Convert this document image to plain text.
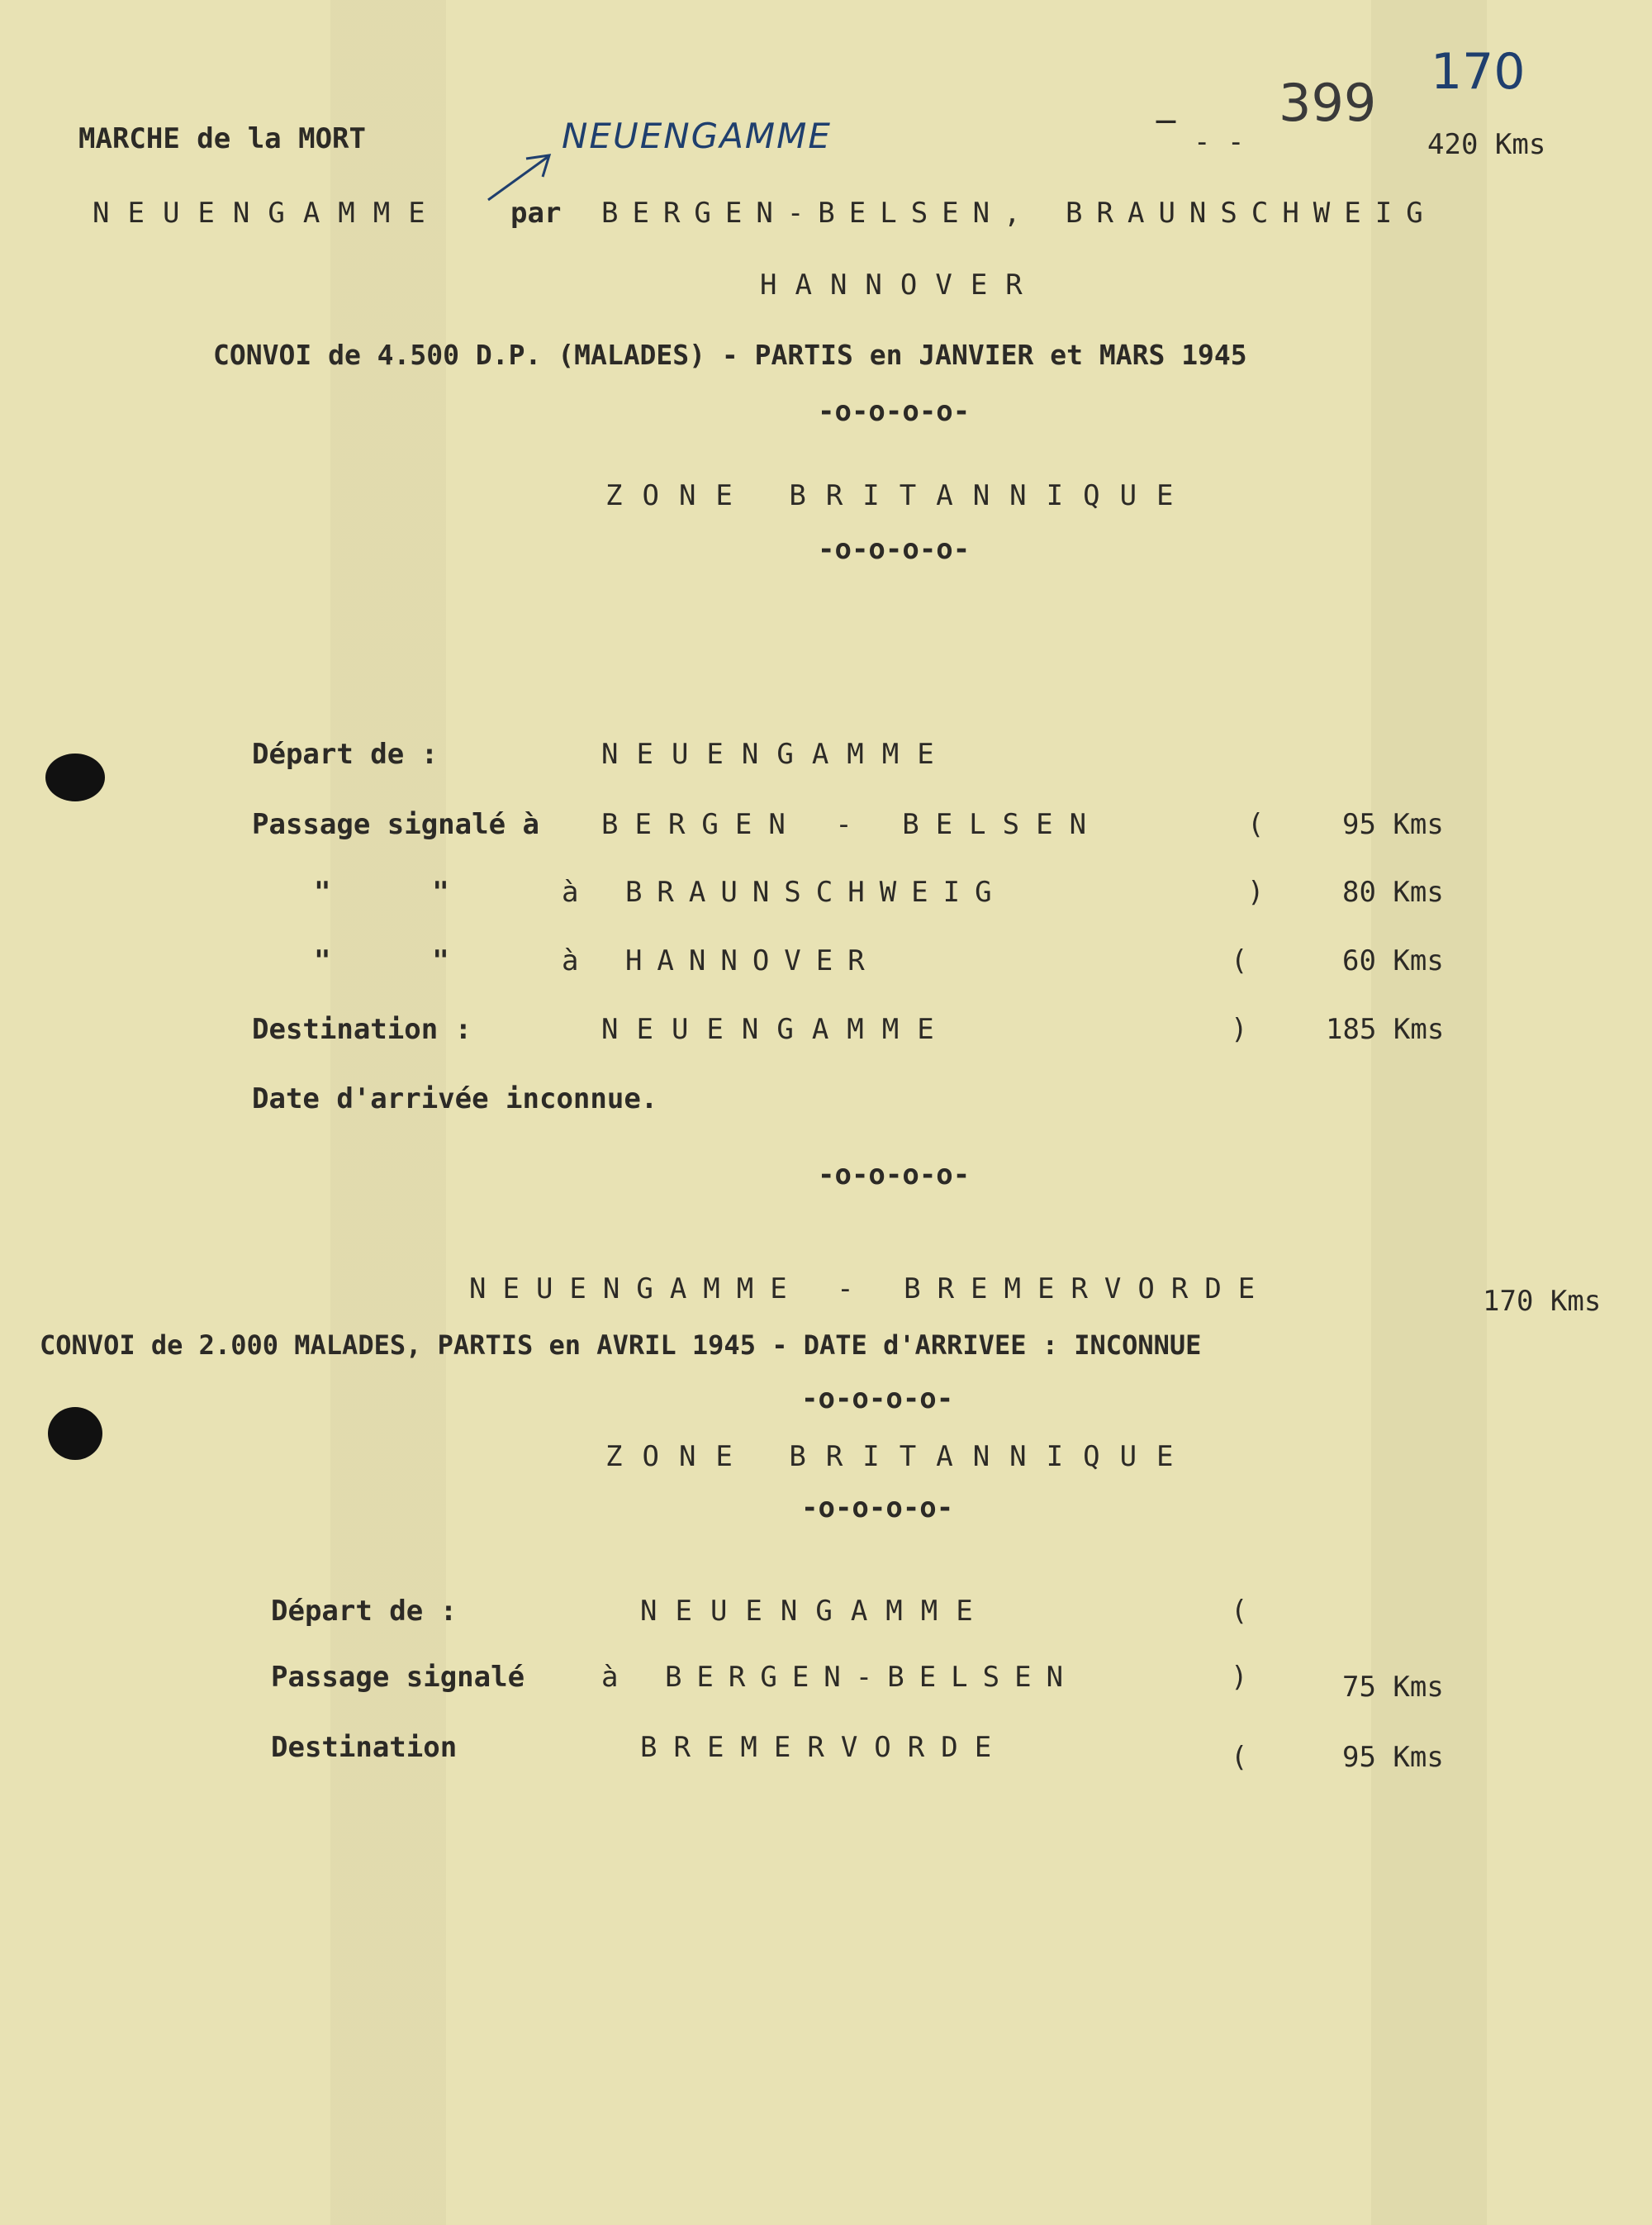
MARCHE de la MORT	NEUENGAMME
_ 399
170
- -	420 Kms
NEUENGAMME par BERGEN-BELSEN, BRAUNSCHWEIG
HANNOVER
CONVOI de 4.500 D.P. (MALADES) - PARTIS en JANVIER et MARS 1945
-o-o-o-o-
ZONE BRITANNIQUE
-o-o-o-o-
Départ de :	NEUENGAMME
Passage signalé à BERGEN - BELSEN	(	95 Kms
"      "	à BRAUNSCHWEIG	)	80 Kms
"      "	à HANNOVER	(	60 Kms
Destination :	NEUENGAMME	)	185 Kms
Date d'arrivée inconnue.
-o-o-o-o-
NEUENGAMME - BREMERVORDE	170 Kms
CONVOI de 2.000 MALADES, PARTIS en AVRIL 1945 - DATE d'ARRIVEE : INCONNUE
-o-o-o-o-
ZONE BRITANNIQUE
-o-o-o-o-
Départ de :	NEUENGAMME	(
Passage signalé	à BERGEN-BELSEN	)	75 Kms
Destination	BREMERVORDE	(	95 Kms
